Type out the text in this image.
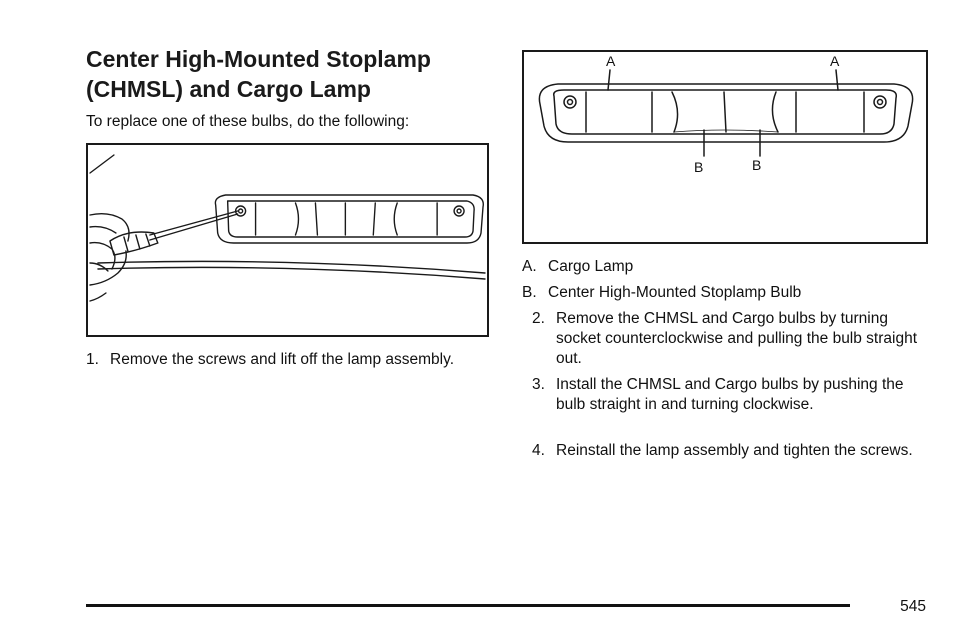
Center High-Mounted Stoplamp
(CHMSL) and Cargo Lamp
To replace one of these bulbs, do the following:
1. Remove the screws and lift off the lamp assembly.
A	A
B	B
A. Cargo Lamp
B. Center High-Mounted Stoplamp Bulb
2. Remove the CHMSL and Cargo bulbs by turning socket counterclockwise and pulling the bulb straight out.
3. Install the CHMSL and Cargo bulbs by pushing the bulb straight in and turning clockwise.
4. Reinstall the lamp assembly and tighten the screws.
545
